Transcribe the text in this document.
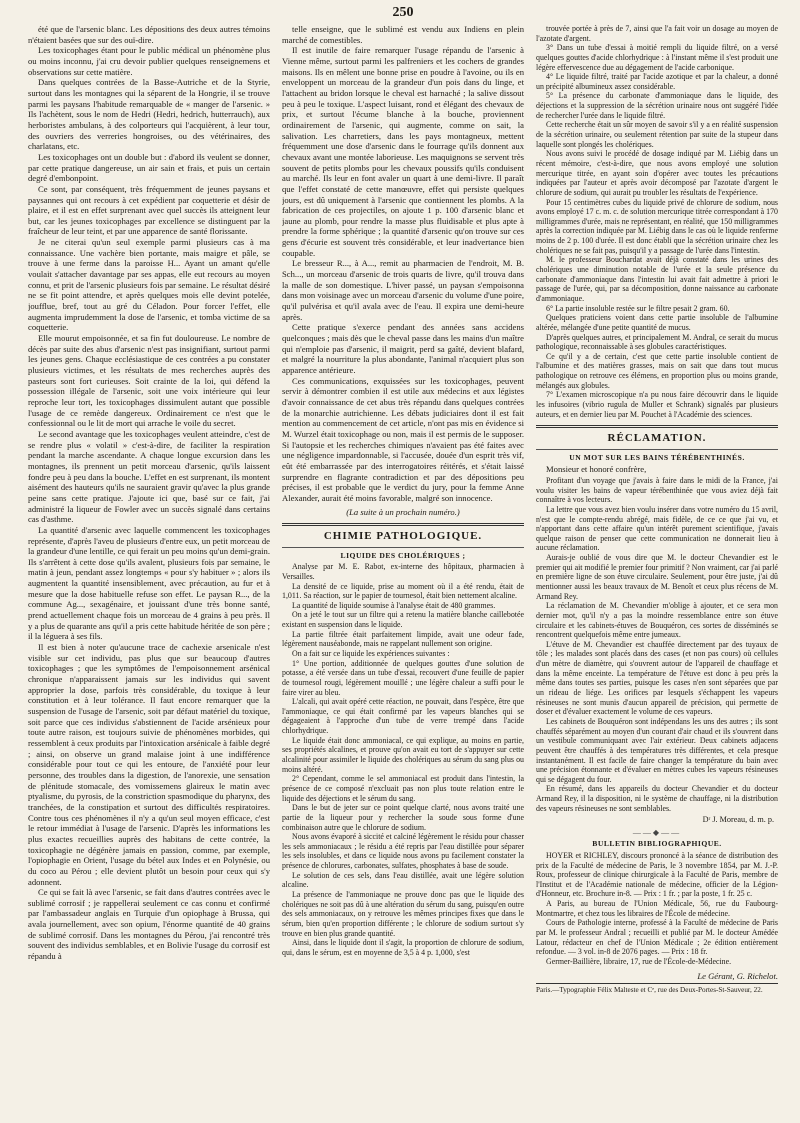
250

été que de l'arsenic blanc. Les dépositions des deux autres témoins n'étaient basées que sur des ouï-dire.

Les toxicophages étant pour le public médical un phénomène plus ou moins inconnu, j'ai cru devoir publier quelques renseignemens et observations sur cette matière.

Dans quelques contrées de la Basse-Autriche et de la Styrie, surtout dans les montagnes qui la séparent de la Hongrie, il se trouve parmi les paysans l'habitude remarquable de « manger de l'arsenic. » Ils l'achètent, sous le nom de Hedri (Hedri, hedrich, hutterrauch), aux herboristes ambulans, à des colporteurs qui l'acquièrent, à leur tour, des ouvriers des verreries hongroises, ou des vétérinaires, des charlatans, etc.

Les toxicophages ont un double but : d'abord ils veulent se donner, par cette pratique dangereuse, un air sain et frais, et puis un certain degré d'embonpoint.

Ce sont, par conséquent, très fréquemment de jeunes paysans et paysannes qui ont recours à cet expédient par coquetterie et désir de plaire, et il est en effet surprenant avec quel succès ils atteignent leur but, car les jeunes toxicophages par excellence se distinguent par la fraîcheur de leur teint, et par une apparence de santé florissante.

Je ne citerai qu'un seul exemple parmi plusieurs cas à ma connaissance. Une vachère bien portante, mais maigre et pâle, se trouve à une ferme dans la paroisse H... Ayant un amant qu'elle voulait s'attacher davantage par ses appas, elle eut recours au moyen connu, et prit de l'arsenic plusieurs fois par semaine. Le résultat désiré ne se fit point attendre, et après quelques mois elle devint potelée, joufflue, bref, tout au gré du Céladon. Pour forcer l'effet, elle augmenta imprudemment la dose de l'arsenic, et tomba victime de sa coquetterie.

Elle mourut empoisonnée, et sa fin fut douloureuse. Le nombre de décès par suite des abus d'arsenic n'est pas insignifiant, surtout parmi les jeunes gens. Chaque ecclésiastique de ces contrées a pu constater plusieurs victimes, et les résultats de mes recherches auprès des pasteurs sont fort curieuses. Soit crainte de la loi, qui défend la possession illégale de l'arsenic, soit une voix intérieure qui leur reproche leur tort, les toxicophages dissimulent autant que possible l'usage de ce remède dangereux. Ordinairement ce n'est que le confessionnal ou le lit de mort qui arrache le voile du secret.

Le second avantage que les toxicophages veulent atteindre, c'est de se rendre plus « volatil » c'est-à-dire, de faciliter la respiration pendant la marche ascendante. A chaque longue excursion dans les montagnes, ils prennent un petit morceau d'arsenic, qu'ils laissent fondre peu à peu dans la bouche. L'effet en est surprenant, ils montent aisément des hauteurs qu'ils ne sauraient gravir qu'avec la plus grande peine sans cette pratique. J'ajoute ici que, basé sur ce fait, j'ai administré la liqueur de Fowler avec un succès signalé dans certains cas d'asthme.

La quantité d'arsenic avec laquelle commencent les toxicophages représente, d'après l'aveu de plusieurs d'entre eux, un petit morceau de la grandeur d'une lentille, ce qui ferait un peu moins qu'un demi-grain. Ils s'arrêtent à cette dose qu'ils avalent, plusieurs fois par semaine, le matin à jeun, pendant assez longtemps « pour s'y habituer » ; alors ils augmentent la quantité insensiblement, avec précaution, au fur et à mesure que la dose habituelle refuse son effet. Le paysan R..., de la commune Ag..., sexagénaire, et jouissant d'une très bonne santé, prend actuellement chaque fois un morceau de 4 grains à peu près. Il y a plus de quarante ans qu'il a pris cette habitude héritée de son père ; il la léguera à ses fils.

Il est bien à noter qu'aucune trace de cachexie arsenicale n'est visible sur cet individu, pas plus que sur beaucoup d'autres toxicophages ; que les symptômes de l'empoisonnement arsénical chronique n'apparaissent jamais sur les individus qui savent approprier la dose, parfois très considérable, du toxique à leur constitution et à leur tolérance. Il faut encore remarquer que la suspension de l'usage de l'arsenic, soit par défaut matériel du toxique, soit parce que ces individus s'abstiennent de l'acide arsénieux pour toute autre raison, est toujours suivie de phénomènes morbides, qui ressemblent à ceux produits par l'intoxication arsénicale à faible degré ; ainsi, on observe un grand malaise joint à une indifférence considérable pour tout ce qui les entoure, de l'anxiété pour leur personne, des troubles dans la digestion, de l'anorexie, une sensation de plénitude stomacale, des vomissemens glaireux le matin avec ptyalisme, du pyrosis, de la constriction spasmodique du pharynx, des tranchées, de la constipation et surtout des difficultés respiratoires. Contre tous ces phénomènes il n'y a qu'un seul moyen efficace, c'est le retour immédiat à l'usage de l'arsenic. D'après les informations les plus exactes recueillies auprès des habitans de cette contrée, la toxicophagie ne dégénère jamais en passion, comme, par exemple, l'opiophagie en Orient, l'usage du bétel aux Indes et en Polynésie, ou du coco au Pérou ; elle devient plutôt un besoin pour ceux qui s'y adonnent.

Ce qui se fait là avec l'arsenic, se fait dans d'autres contrées avec le sublimé corrosif ; je rappellerai seulement ce cas connu et confirmé par l'ambassadeur anglais en Turquie d'un opiophage à Brussa, qui avala journellement, avec son opium, l'énorme quantité de 40 grains de sublimé corrosif. Dans les montagnes du Pérou, j'ai rencontré très souvent des individus semblables, et en Bolivie l'usage du corrosif est répandu à

telle enseigne, que le sublimé est vendu aux Indiens en plein marché de comestibles.

Il est inutile de faire remarquer l'usage répandu de l'arsenic à Vienne même, surtout parmi les palfreniers et les cochers de grandes maisons. Ils en mêlent une bonne prise en poudre à l'avoine, ou ils en enveloppent un morceau de la grandeur d'un pois dans du linge, et l'attachent au bridon lorsque le cheval est harnaché ; la salive dissout peu à peu le toxique. L'aspect luisant, rond et élégant des chevaux de prix, et surtout l'écume blanche à la bouche, proviennent ordinairement de l'arsenic, qui augmente, comme on sait, la salivation. Les charretiers, dans les pays montagneux, mettent fréquemment une dose d'arsenic dans le fourrage qu'ils donnent aux chevaux avant une montée laborieuse. Les maquignons se servent très souvent de petits plombs pour les chevaux poussifs qu'ils conduisent au marché. Ils leur en font avaler un quart à une demi-livre. Il paraît que l'effet constaté de cette manœuvre, effet qui persiste quelques jours, est dû uniquement à l'arsenic que contiennent les plombs. A la fabrication de ces projectiles, on ajoute 1 p. 100 d'arsenic blanc et jaune au plomb, pour rendre la masse plus fluidisable et plus apte à prendre la forme sphérique ; la quantité d'arsenic qu'on trouve sur ces gens d'écurie est souvent très considérable, et leur inadvertance bien coupable.

Le bresseur R..., à A..., remit au pharmacien de l'endroit, M. B. Sch..., un morceau d'arsenic de trois quarts de livre, qu'il trouva dans la malle de son domestique. L'hiver passé, un paysan s'empoisonna dans mon voisinage avec un morceau d'arsenic du volume d'une poire, qu'il pulvérisa et qu'il avala avec de l'eau. Il expira une demi-heure après.

Cette pratique s'exerce pendant des années sans accidens quelconques ; mais dès que le cheval passe dans les mains d'un maître qui n'emploie pas d'arsenic, il maigrit, perd sa gaîté, devient blafard, et malgré la nourriture la plus abondante, l'animal n'acquiert plus son apparence antérieure.

Ces communications, exquissées sur les toxicophages, peuvent servir à démontrer combien il est utile aux médecins et aux légistes d'avoir connaissance de cet abus très répandu dans quelques contrées de la monarchie autrichienne. Les débats judiciaires dont il est fait mention au commencement de cet article, n'ont pas mis en évidence si M. Wurzel était toxicophage ou non, mais il est permis de le supposer. Si l'autopsie et les recherches chimiques n'avaient pas été faites avec une négligence impardonnable, si l'accusée, douée d'un esprit très vif, eût été embarrassée par des interrogatoires réitérés, et s'était laissé surprendre en flagrante contradiction et par des dépositions peu précises, il est probable que le verdict du jury, pour la femme Anne Alexander, aurait été moins favorable, malgré son innocence.

(La suite à un prochain numéro.)
CHIMIE PATHOLOGIQUE.
LIQUIDE DES CHOLÉRIQUES ;

Analyse par M. E. Rabot, ex-interne des hôpitaux, pharmacien à Versailles.

La densité de ce liquide, prise au moment où il a été rendu, était de 1,011. Sa réaction, sur le papier de tournesol, était bien nettement alcaline.

La quantité de liquide soumise à l'analyse était de 480 grammes.

On a jeté le tout sur un filtre qui a retenu la matière blanche caillebotée existant en suspension dans le liquide.

La partie filtrée était parfaitement limpide, avait une odeur fade, légèrement nauséabonde, mais ne rappelant nullement son origine.

On a fait sur ce liquide les expériences suivantes :

1° Une portion, additionnée de quelques gouttes d'une solution de potasse, a été versée dans un tube d'essai, recouvert d'une feuille de papier de tournesol rougi, légèrement mouillé ; une légère chaleur a suffi pour le faire virer au bleu.

L'alcali, qui avait opéré cette réaction, ne pouvait, dans l'espèce, être que l'ammoniaque, ce qui était confirmé par les vapeurs blanches qui se dégageaient à l'approche d'un tube de verre trempé dans l'acide chlorhydrique.

Le liquide était donc ammoniacal, ce qui explique, au moins en partie, ses propriétés alcalines, et prouve qu'on avait eu tort de s'appuyer sur cette alcalinité pour assimiler le liquide des cholériques au sérum du sang plus ou moins altéré.

2° Cependant, comme le sel ammoniacal est produit dans l'intestin, la présence de ce composé n'excluait pas non plus toute relation entre le liquide des déjections et le sérum du sang.

Dans le but de jeter sur ce point quelque clarté, nous avons traité une partie de la liqueur pour y rechercher la soude sous forme d'une combinaison autre que le chlorure de sodium.

Nous avons évaporé à siccité et calciné légèrement le résidu pour chasser les sels ammoniacaux ; le résidu a été repris par l'eau distillée pour séparer les sels insolubles, et dans ce liquide nous avons pu facilement constater la présence de chlorures, carbonates, sulfates, phosphates à base de soude.

Le solution de ces sels, dans l'eau distillée, avait une légère solution alcaline.

La présence de l'ammoniaque ne prouve donc pas que le liquide des cholériques ne soit pas dû à une altération du sérum du sang, puisqu'en outre des sels ammoniacaux, on y retrouve les mêmes principes fixes que dans le sérum, bien qu'en proportion différente ; le chlorure de sodium surtout s'y trouve en bien plus grande quantité.

Ainsi, dans le liquide dont il s'agit, la proportion de chlorure de sodium, qui, dans le sérum, est en moyenne de 3,5 à 4 p. 1,000, s'est

trouvée portée à près de 7, ainsi que l'a fait voir un dosage au moyen de l'azotate d'argent.

3° Dans un tube d'essai à moitié rempli du liquide filtré, on a versé quelques gouttes d'acide chlorhydrique : à l'instant même il s'est produit une légère effervescence due au dégagement de l'acide carbonique.

4° Le liquide filtré, traité par l'acide azotique et par la chaleur, a donné un précipité albumineux assez considérable.

5° La présence du carbonate d'ammoniaque dans le liquide, des déjections et la suppression de la sécrétion urinaire nous ont suggéré l'idée de rechercher l'urée dans le liquide filtré.

Cette recherche était un sûr moyen de savoir s'il y a en réalité suspension de la sécrétion urinaire, ou seulement rétention par suite de la stupeur dans laquelle sont plongés les cholériques.

Nous avons suivi le procédé de dosage indiqué par M. Liébig dans un récent mémoire, c'est-à-dire, que nous avons employé une solution mercurique titrée, en ayant soin d'opérer avec toutes les précautions indiquées par l'auteur et après avoir décomposé par l'azotate d'argent le chlorure de sodium, qui aurait pu troubler les résultats de l'expérience.

Pour 15 centimètres cubes du liquide privé de chlorure de sodium, nous avons employé 17 c. m. c. de solution mercurique titrée correspondant à 170 milligrammes d'urée, mais ne représentant, en réalité, que 150 milligrammes après la correction indiquée par M. Liébig dans le cas où le liquide renferme moins de 2 p. 100 d'urée. Il est donc établi que la sécrétion urinaire chez les cholériques ne se fait pas, puisqu'il y a passage de l'urée dans l'intestin.

M. le professeur Bouchardat avait déjà constaté dans les urines des cholériques une diminution notable de l'urée et la seule présence du carbonate d'ammoniaque dans l'intestin lui avait fait admettre à priori le passage de l'urée, qui, par sa décomposition, donne naissance au carbonate d'ammoniaque.

6° La partie insoluble restée sur le filtre pesait 2 gram. 60.

Quelques praticiens voient dans cette partie insoluble de l'albumine altérée, mélangée d'une petite quantité de mucus.

D'après quelques autres, et principalement M. Andral, ce serait du mucus pathologique, reconnaissable à ses globules caractéristiques.

Ce qu'il y a de certain, c'est que cette partie insoluble contient de l'albumine et des matières grasses, mais on sait que dans tout mucus pathologique on retrouve ces élémens, en proportion plus ou moins grande, mélangés aux globules.

7° L'examen microscopique n'a pu nous faire découvrir dans le liquide les infusoires (vibrio rugula de Muller et Schrank) signalés par plusieurs auteurs, et en dernier lieu par M. Pouchet à l'Académie des sciences.

RÉCLAMATION.
UN MOT SUR LES BAINS TÉRÉBENTHINÉS.
Monsieur et honoré confrère,

Profitant d'un voyage que j'avais à faire dans le midi de la France, j'ai voulu visiter les bains de vapeur térébenthinée que vous aviez déjà fait connaître à vos lecteurs.

La lettre que vous avez bien voulu insérer dans votre numéro du 15 avril, n'est que le compte-rendu abrégé, mais fidèle, de ce ce que j'ai vu, et n'apportant dans cette affaire qu'un intérêt purement scientifique, j'avais quelque raison de penser que cette communication ne donnerait lieu à aucune réclamation.

Aurais-je oublié de vous dire que M. le docteur Chevandier est le premier qui ait modifié le premier four primitif ? Non vraiment, car j'ai parlé en première ligne de son étuve circulaire. Seulement, pour être juste, j'ai dû mentionner aussi les beaux travaux de M. Benoît et ceux plus récens de M. Armand Rey.

La réclamation de M. Chevandier m'oblige à ajouter, et ce sera mon dernier mot, qu'il n'y a pas la moindre ressemblance entre son étuve circulaire et les cabinets-étuves de Bouquéron, ces sortes de disséminés se rencontrent quelquefois même entre jumeaux.

L'étuve de M. Chevandier est chauffée directement par des tuyaux de tôle ; les malades sont placés dans des cases (et non pas cours) où cellules d'un mètre de diamètre, qui s'ouvrent autour de l'appareil de chauffage et dans la même enceinte. La température de l'étuve est donc à peu près la même dans toutes ses parties, puisque les cases n'en sont séparées que par un rideau de liége. Les orifices par lesquels s'échappent les vapeurs résineuses ne sont munis d'aucun appareil de précision, qui permette de doser et d'évaluer exactement le volume de ces vapeurs.

Les cabinets de Bouquéron sont indépendans les uns des autres ; ils sont chauffés séparément au moyen d'un courant d'air chaud et ils s'ouvrent dans un vestibule communiquant avec l'air extérieur. Deux cabinets adjacens peuvent être chauffés à des températures très différentes, et cela presque instantanément. Il est facile de faire changer la température du bain avec une précision étonnante et d'évaluer en mètres cubes les vapeurs résineuses qui se dégagent du four.

En résumé, dans les appareils du docteur Chevandier et du docteur Armand Rey, il la disposition, ni le système de chauffage, ni la distribution des vapeurs résineuses ne sont semblables.

Dʳ J. Moreau, d. m. p.
——◆——
BULLETIN BIBLIOGRAPHIQUE.

HOYER et RICHLEY, discours prononcé à la séance de distribution des prix de la Faculté de médecine de Paris, le 3 novembre 1854, par M. J.-P. Roux, professeur de clinique chirurgicale à la Faculté de Paris, membre de l'Institut et de l'Académie nationale de médecine, officier de la Légion-d'Honneur, etc. Brochure in-8. — Prix : 1 fr. ; par la poste, 1 fr. 25 c.

A Paris, au bureau de l'Union Médicale, 56, rue du Faubourg-Montmartre, et chez tous les libraires de l'École de médecine.

Cours de Pathologie interne, professé à la Faculté de médecine de Paris par M. le professeur Andral ; recueilli et publié par M. le docteur Amédée Latour, rédacteur en chef de l'Union Médicale ; 2e édition entièrement refondue. — 3 vol. in-8 de 2076 pages. — Prix : 18 fr.

Germer-Baillière, libraire, 17, rue de l'École-de-Médecine.

Le Gérant, G. Richelot.
Paris.—Typographie Félix Malteste et Cᵉ, rue des Deux-Portes-St-Sauveur, 22.
